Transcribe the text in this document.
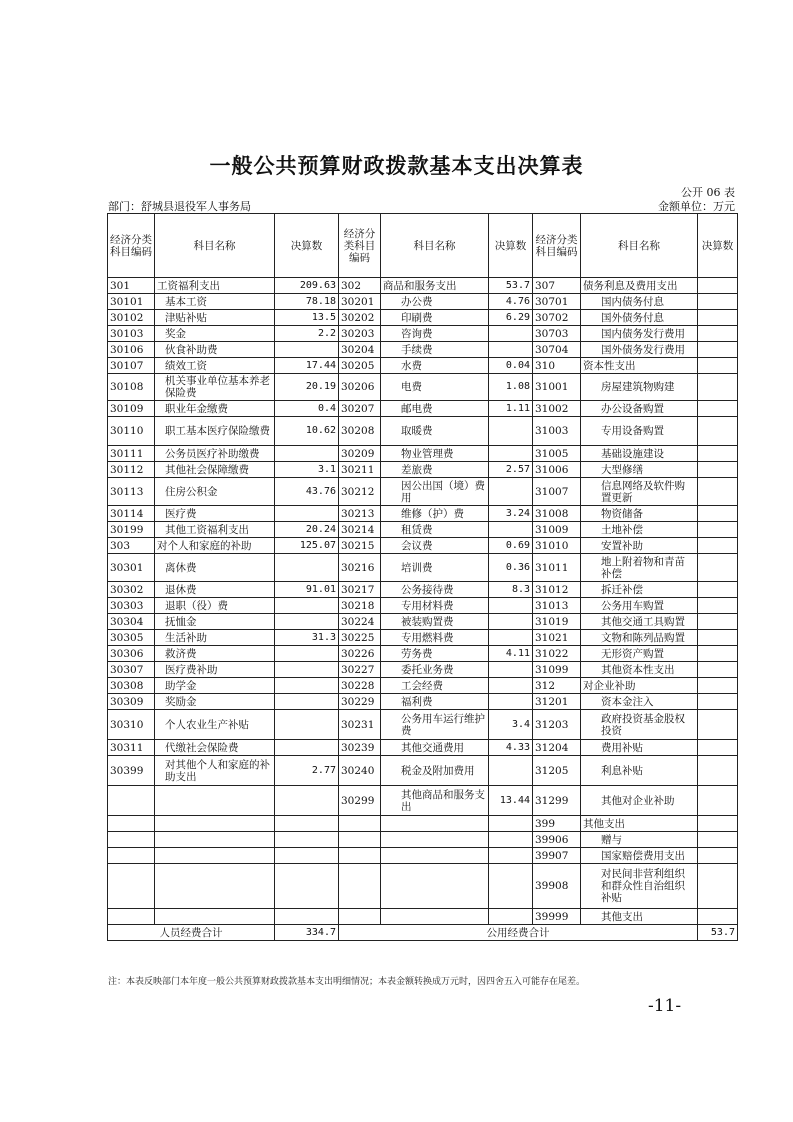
一般公共预算财政拨款基本支出决算表
公开 06 表
部门：舒城县退役军人事务局	金额单位：万元
经济分类科目编码	科目名称	决算数	经济分类科目编码	科目名称	决算数	经济分类科目编码	科目名称	决算数
301	工资福利支出	209.63	302	商品和服务支出	53.7	307	债务利息及费用支出	
30101	基本工资	78.18	30201	办公费	4.76	30701	国内债务付息	
30102	津贴补贴	13.5	30202	印刷费	6.29	30702	国外债务付息	
30103	奖金	2.2	30203	咨询费		30703	国内债务发行费用	
30106	伙食补助费		30204	手续费		30704	国外债务发行费用	
30107	绩效工资	17.44	30205	水费	0.04	310	资本性支出	
30108	机关事业单位基本养老保险费	20.19	30206	电费	1.08	31001	房屋建筑物购建	
30109	职业年金缴费	0.4	30207	邮电费	1.11	31002	办公设备购置	
30110	职工基本医疗保险缴费	10.62	30208	取暖费		31003	专用设备购置	
30111	公务员医疗补助缴费		30209	物业管理费		31005	基础设施建设	
30112	其他社会保障缴费	3.1	30211	差旅费	2.57	31006	大型修缮	
30113	住房公积金	43.76	30212	因公出国（境）费用		31007	信息网络及软件购置更新	
30114	医疗费		30213	维修（护）费	3.24	31008	物资储备	
30199	其他工资福利支出	20.24	30214	租赁费		31009	土地补偿	
303	对个人和家庭的补助	125.07	30215	会议费	0.69	31010	安置补助	
30301	离休费		30216	培训费	0.36	31011	地上附着物和青苗补偿	
30302	退休费	91.01	30217	公务接待费	8.3	31012	拆迁补偿	
30303	退职（役）费		30218	专用材料费		31013	公务用车购置	
30304	抚恤金		30224	被装购置费		31019	其他交通工具购置	
30305	生活补助	31.3	30225	专用燃料费		31021	文物和陈列品购置	
30306	救济费		30226	劳务费	4.11	31022	无形资产购置	
30307	医疗费补助		30227	委托业务费		31099	其他资本性支出	
30308	助学金		30228	工会经费		312	对企业补助	
30309	奖励金		30229	福利费		31201	资本金注入	
30310	个人农业生产补贴		30231	公务用车运行维护费	3.4	31203	政府投资基金股权投资	
30311	代缴社会保险费		30239	其他交通费用	4.33	31204	费用补贴	
30399	对其他个人和家庭的补助支出	2.77	30240	税金及附加费用		31205	利息补贴	
			30299	其他商品和服务支出	13.44	31299	其他对企业补助	
						399	其他支出	
						39906	赠与	
						39907	国家赔偿费用支出	
						39908	对民间非营利组织和群众性自治组织补贴	
						39999	其他支出	
人员经费合计		334.7	公用经费合计					53.7
注：本表反映部门本年度一般公共预算财政拨款基本支出明细情况；本表金额转换成万元时，因四舍五入可能存在尾差。
-11-
